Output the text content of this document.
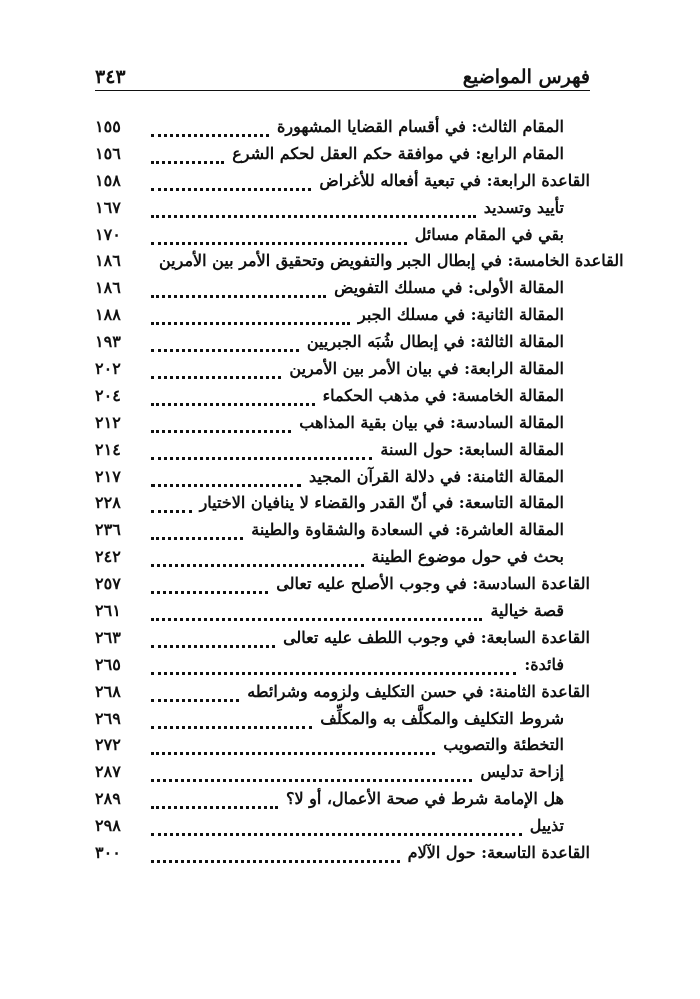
٣٤٣	فهرس المواضيع
١٥٥	المقام الثالث: في أقسام القضايا المشهورة
١٥٦	المقام الرابع: في موافقة حكم العقل لحكم الشرع
١٥٨	القاعدة الرابعة: في تبعية أفعاله للأغراض
١٦٧	تأييد وتسديد
١٧٠	بقي في المقام مسائل
١٨٦	القاعدة الخامسة: في إبطال الجبر والتفويض وتحقيق الأمر بين الأمرين
١٨٦	المقالة الأولى: في مسلك التفويض
١٨٨	المقالة الثانية: في مسلك الجبر
١٩٣	المقالة الثالثة: في إبطال شُبَه الجبريين
٢٠٢	المقالة الرابعة: في بيان الأمر بين الأمرين
٢٠٤	المقالة الخامسة: في مذهب الحكماء
٢١٢	المقالة السادسة: في بيان بقية المذاهب
٢١٤	المقالة السابعة: حول السنة
٢١٧	المقالة الثامنة: في دلالة القرآن المجيد
٢٢٨	المقالة التاسعة: في أنّ القدر والقضاء لا ينافيان الاختيار
٢٣٦	المقالة العاشرة: في السعادة والشقاوة والطينة
٢٤٢	بحث في حول موضوع الطينة
٢٥٧	القاعدة السادسة: في وجوب الأصلح عليه تعالى
٢٦١	قصة خيالية
٢٦٣	القاعدة السابعة: في وجوب اللطف عليه تعالى
٢٦٥	فائدة:
٢٦٨	القاعدة الثامنة: في حسن التكليف ولزومه وشرائطه
٢٦٩	شروط التكليف والمكلَّف به والمكلِّف
٢٧٢	التخطئة والتصويب
٢٨٧	إزاحة تدليس
٢٨٩	هل الإمامة شرط في صحة الأعمال، أو لا؟
٢٩٨	تذييل
٣٠٠	القاعدة التاسعة: حول الآلام
